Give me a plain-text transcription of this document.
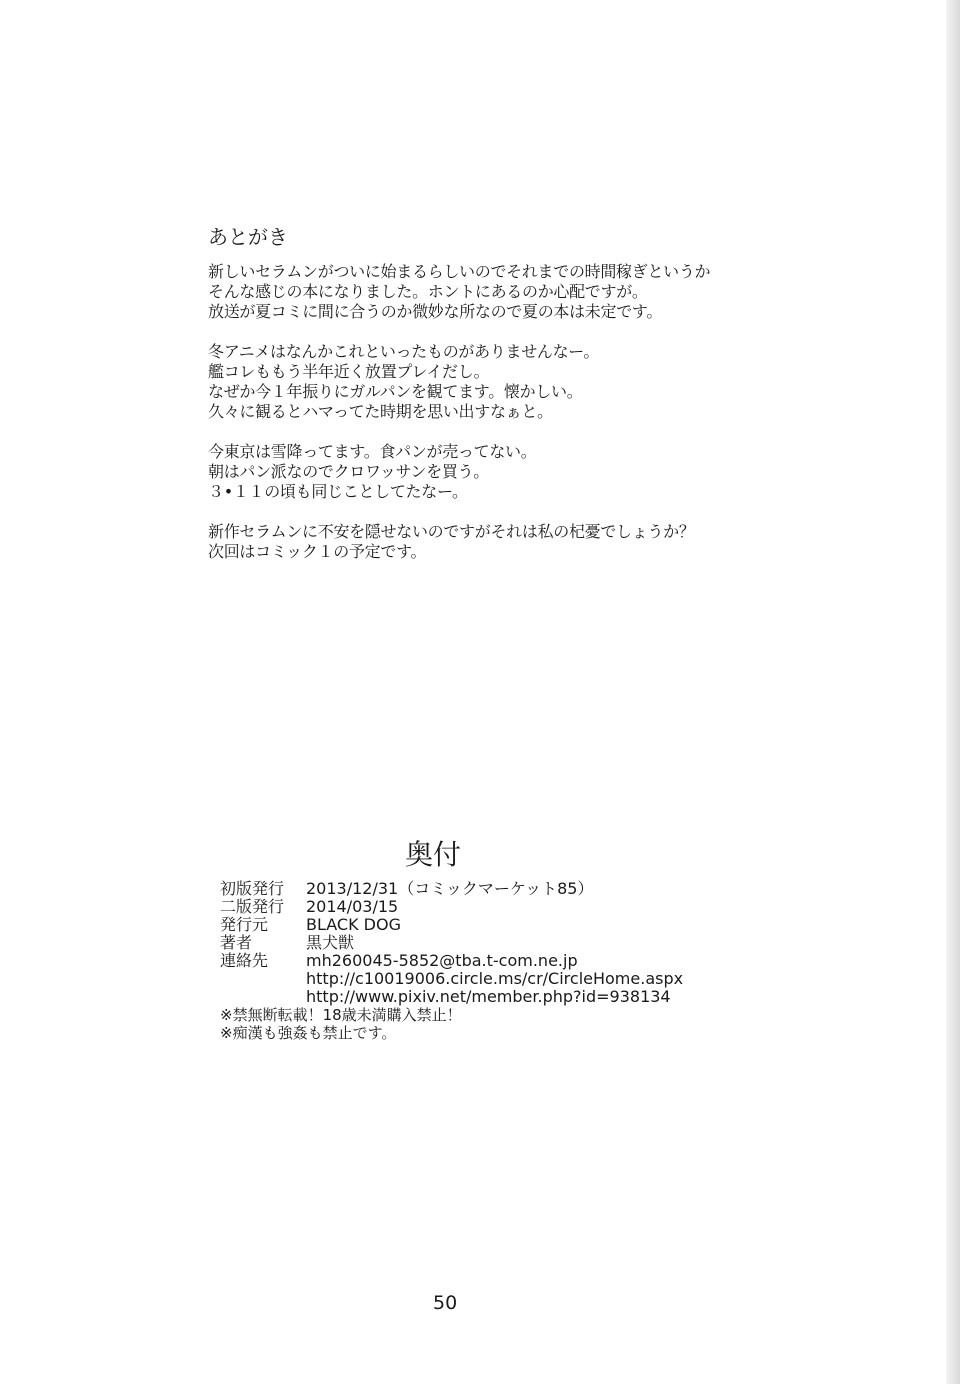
あとがき
新しいセラムンがついに始まるらしいのでそれまでの時間稼ぎというか
そんな感じの本になりました。ホントにあるのか心配ですが。
放送が夏コミに間に合うのか微妙な所なので夏の本は未定です。
冬アニメはなんかこれといったものがありませんなー。
艦コレももう半年近く放置プレイだし。
なぜか今１年振りにガルパンを観てます。懐かしい。
久々に観るとハマってた時期を思い出すなぁと。
今東京は雪降ってます。食パンが売ってない。
朝はパン派なのでクロワッサンを買う。
３•１１の頃も同じことしてたなー。
新作セラムンに不安を隠せないのですがそれは私の杞憂でしょうか？
次回はコミック１の予定です。
奥付
初版発行	2013/12/31（コミックマーケット85）
二版発行	2014/03/15
発行元	BLACK DOG
著者	黒犬獣
連絡先	mh260045-5852@tba.t-com.ne.jp
http://c10019006.circle.ms/cr/CircleHome.aspx
http://www.pixiv.net/member.php?id=938134
※禁無断転載！18歳未満購入禁止！
※痴漢も強姦も禁止です。
50
